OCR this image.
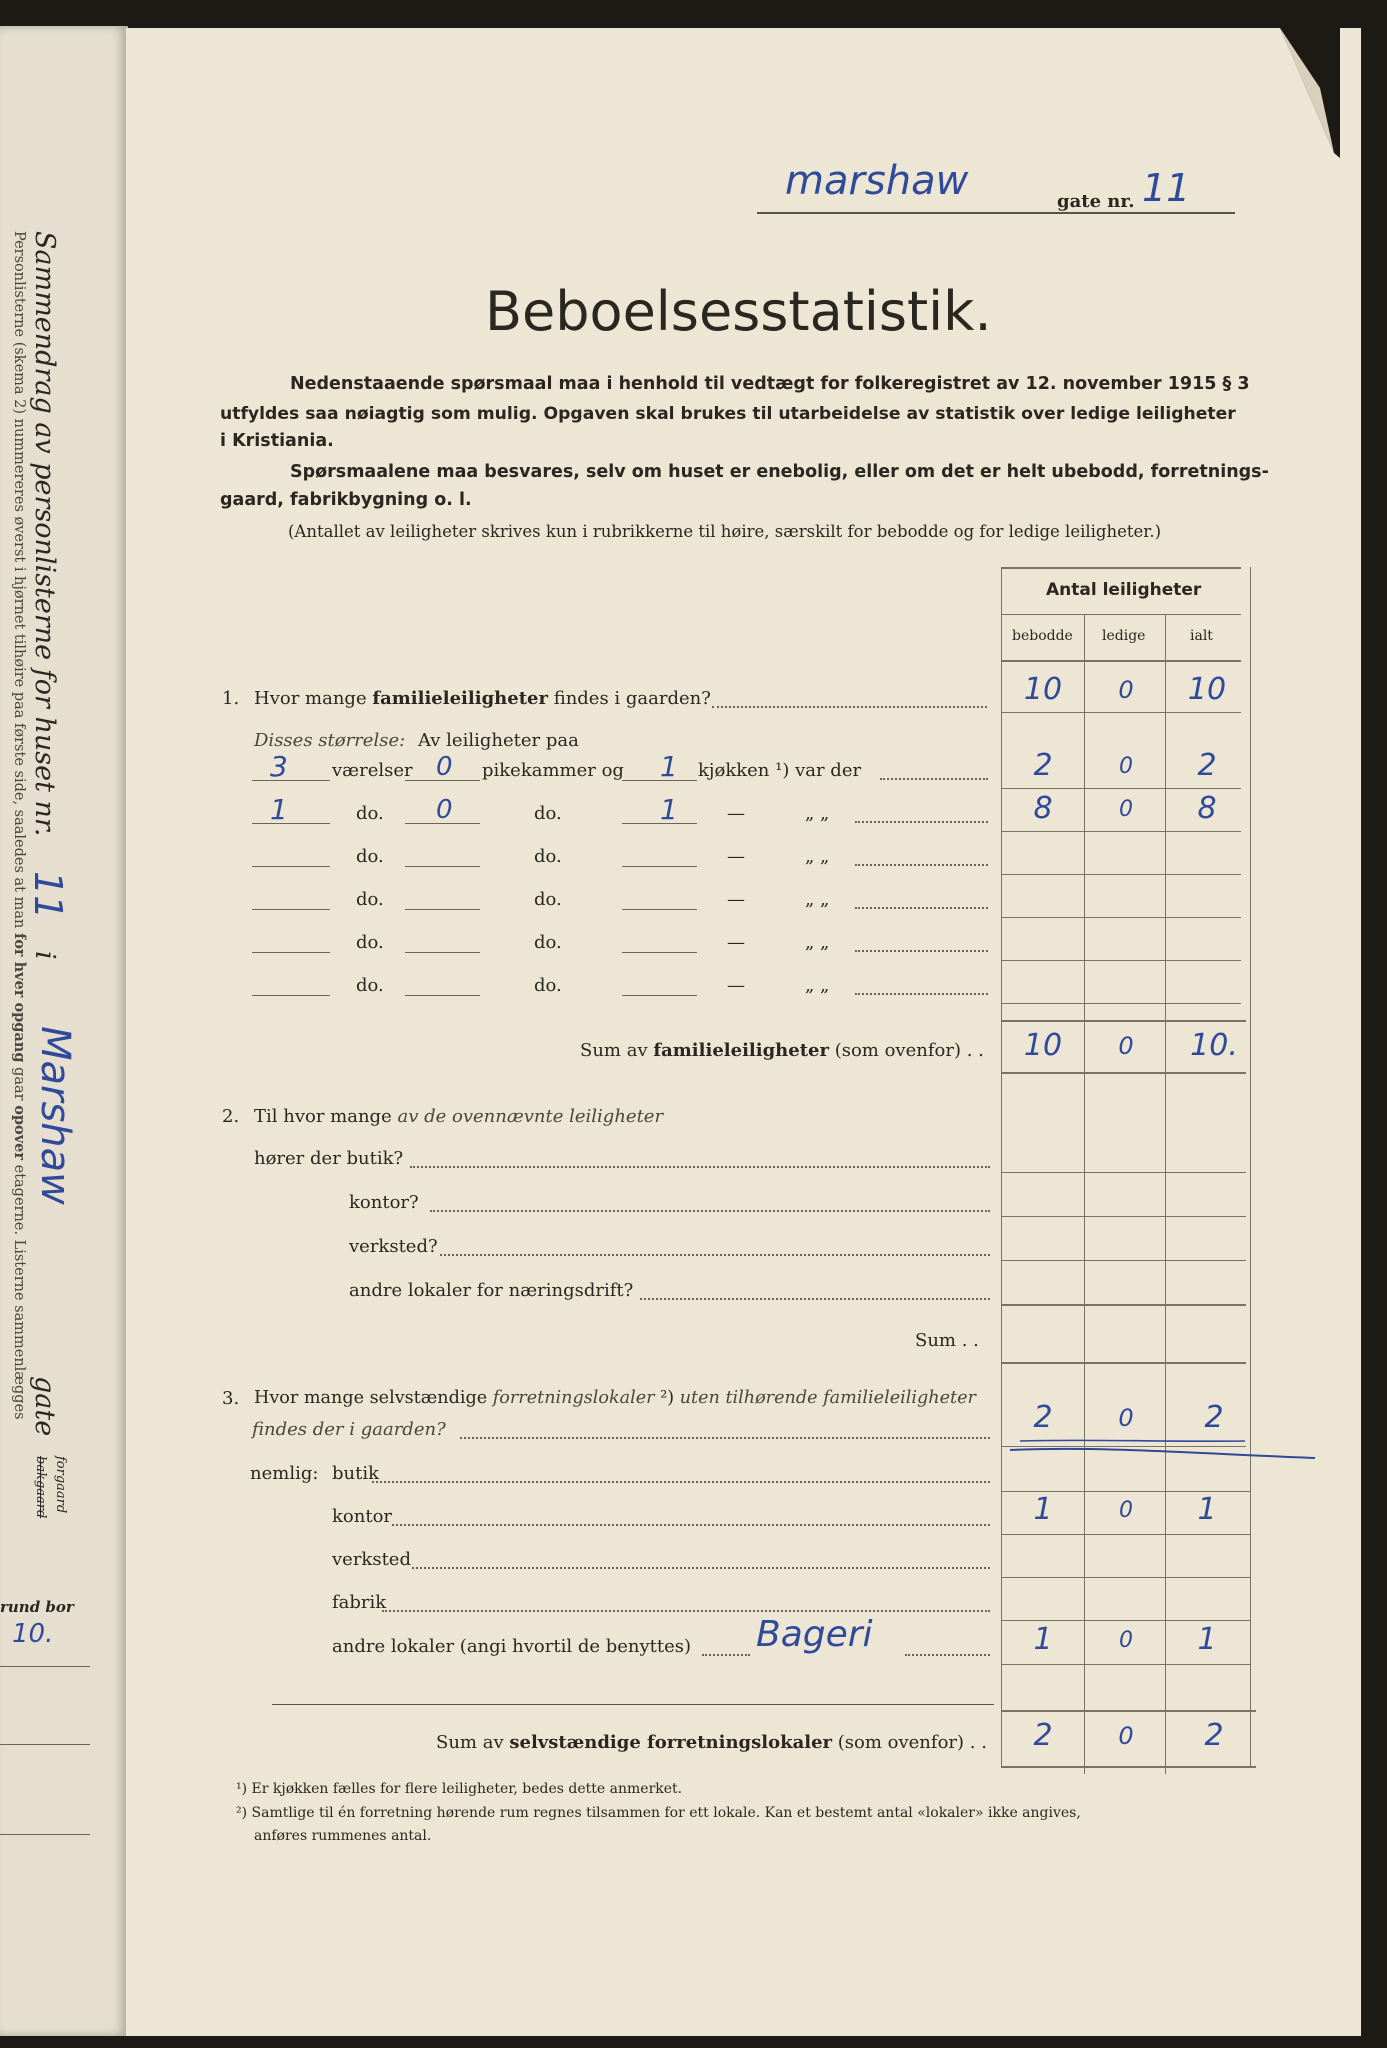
Sammendrag av personlisterne for huset nr.
11
i
Marshaw
gate
forgaard
bakgaard
Personlisterne (skema 2) nummereres øverst i hjørnet tilhøire paa første side, saaledes at man for hver opgang gaar opover etagerne. Listerne sammenlægges
rund bor
10.
marshaw	gate nr. 11
Beboelsesstatistik.
Nedenstaaende spørsmaal maa i henhold til vedtægt for folkeregistret av 12. november 1915 § 3
utfyldes saa nøiagtig som mulig. Opgaven skal brukes til utarbeidelse av statistik over ledige leiligheter
i Kristiania.
Spørsmaalene maa besvares, selv om huset er enebolig, eller om det er helt ubebodd, forretnings-
gaard, fabrikbygning o. l.
(Antallet av leiligheter skrives kun i rubrikkerne til høire, særskilt for bebodde og for ledige leiligheter.)
Antal leiligheter
bebodde ledige	ialt
1. Hvor mange familieleiligheter findes i gaarden?	10	0	10
Disses størrelse: Av leiligheter paa
3 værelser 0 pikekammer og 1 kjøkken ¹) var der	2	0	2
1	do. 0	do.	1	—	„ „	8	0	8
do.	do.	—	„ „
do.	do.	—	„ „
do.	do.	—	„ „
do.	do.	—	„ „
Sum av familieleiligheter (som ovenfor) . .	10	0	10.
2. Til hvor mange av de ovennævnte leiligheter
hører der butik?
kontor?
verksted?
andre lokaler for næringsdrift?
Sum . .
3. Hvor mange selvstændige forretningslokaler ²) uten tilhørende familieleiligheter
findes der i gaarden?	2	0	2
nemlig: butik
kontor	1	0	1
verksted
fabrik
andre lokaler (angi hvortil de benyttes) Bageri	1	0	1
Sum av selvstændige forretningslokaler (som ovenfor) . .	2	0	2
¹) Er kjøkken fælles for flere leiligheter, bedes dette anmerket.
²) Samtlige til én forretning hørende rum regnes tilsammen for ett lokale. Kan et bestemt antal «lokaler» ikke angives,
anføres rummenes antal.
